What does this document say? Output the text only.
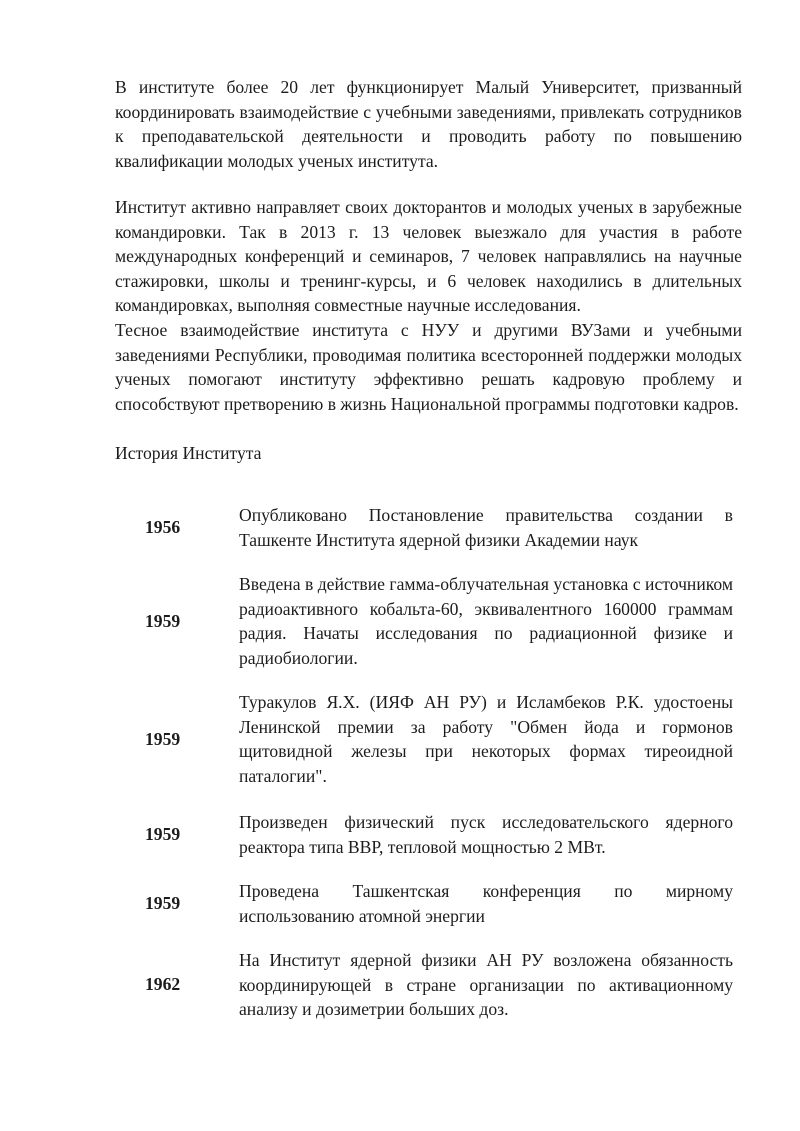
В институте более 20 лет функционирует Малый Университет, призванный координировать взаимодействие с учебными заведениями, привлекать сотрудников к преподавательской деятельности и проводить работу по повышению квалификации молодых ученых института.

Институт активно направляет своих докторантов и молодых ученых в зарубежные командировки. Так в 2013 г. 13 человек выезжало для участия в работе международных конференций и семинаров, 7 человек направлялись на научные стажировки, школы и тренинг-курсы, и 6 человек находились в длительных командировках, выполняя совместные научные исследования.

Тесное взаимодействие института с НУУ и другими ВУЗами и учебными заведениями Республики, проводимая политика всесторонней поддержки молодых ученых помогают институту эффективно решать кадровую проблему и способствуют претворению в жизнь Национальной программы подготовки кадров.

История Института

1956

Опубликовано Постановление правительства создании в Ташкенте Института ядерной физики Академии наук

1959

Введена в действие гамма-облучательная установка с источником радиоактивного кобальта-60, эквивалентного 160000 граммам радия. Начаты исследования по радиационной физике и радиобиологии.

1959

Туракулов Я.Х. (ИЯФ АН РУ) и Исламбеков Р.К. удостоены Ленинской премии за работу "Обмен йода и гормонов щитовидной железы при некоторых формах тиреоидной паталогии".

1959

Произведен физический пуск исследовательского ядерного реактора типа ВВР, тепловой мощностью 2 МВт.

1959

Проведена Ташкентская конференция по мирному использованию атомной энергии

1962

На Институт ядерной физики АН РУ возложена обязанность координирующей в стране организации по активационному анализу и дозиметрии больших доз.
